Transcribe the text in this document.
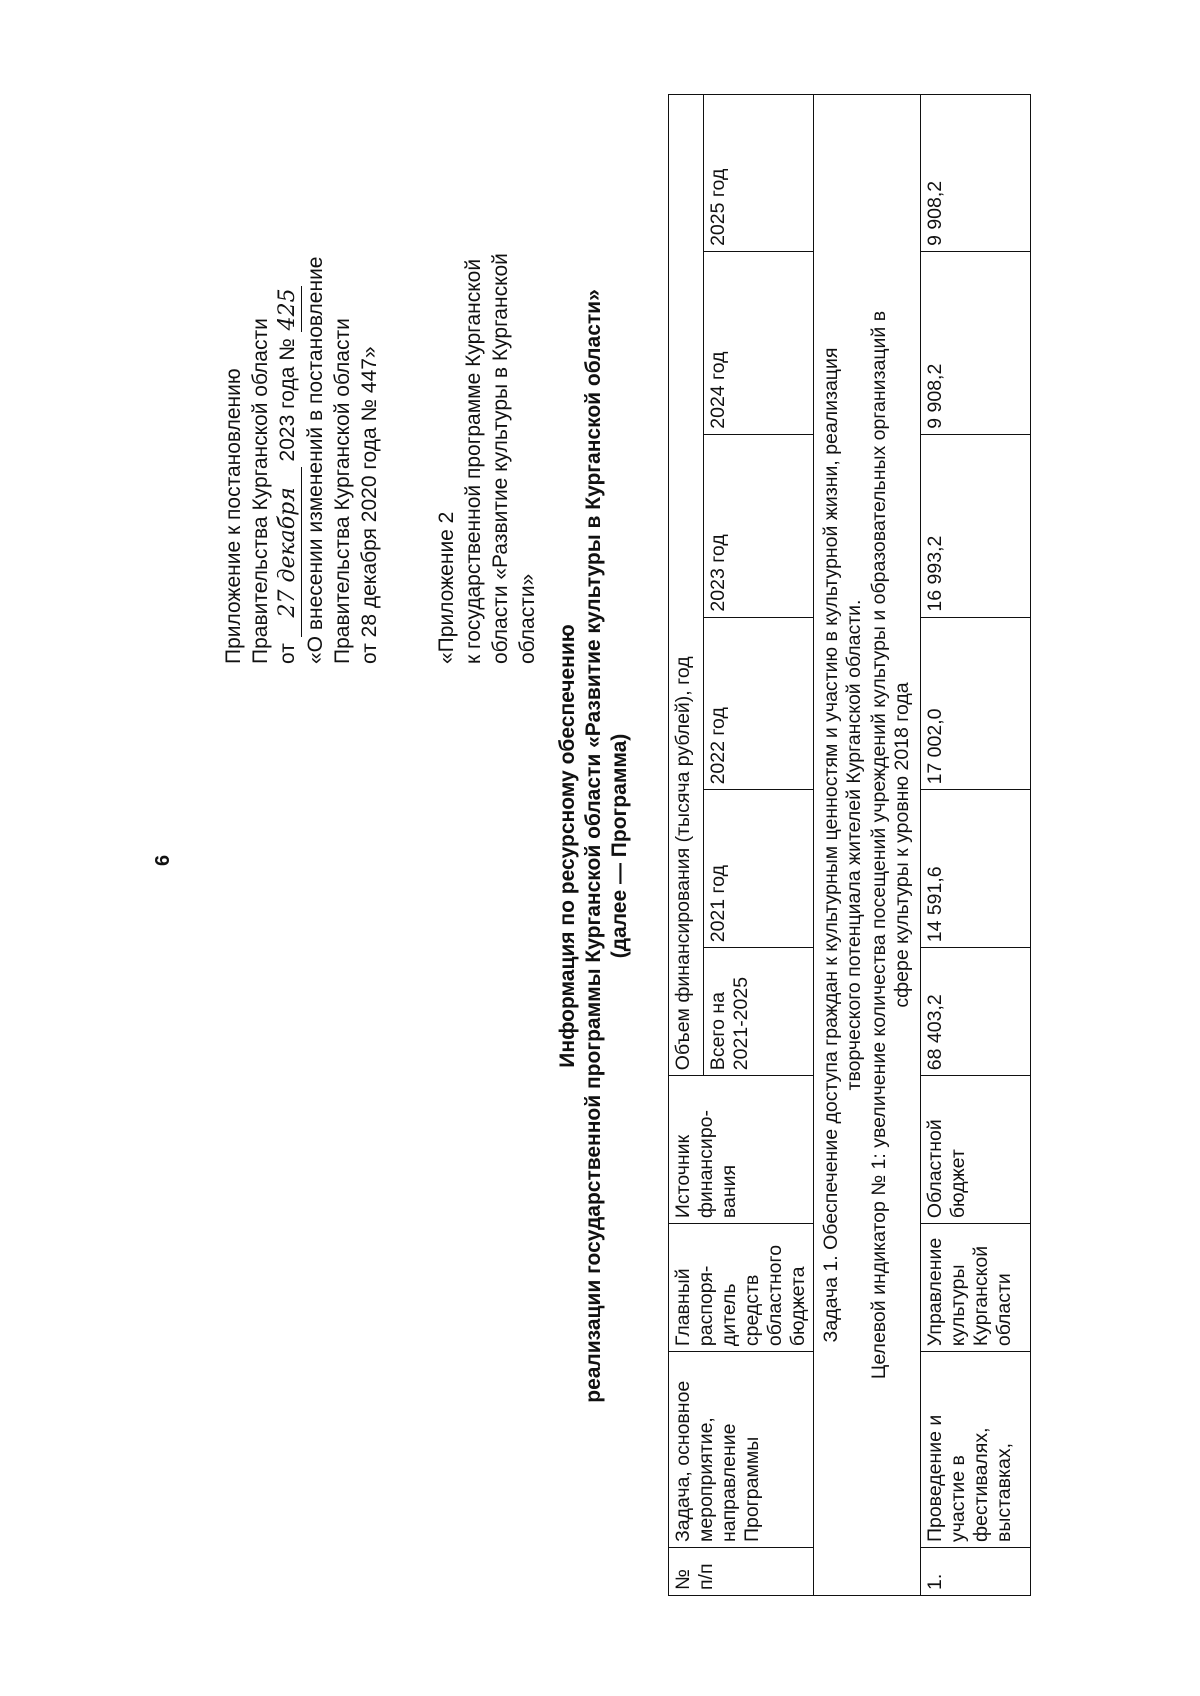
6
Приложение к постановлению Правительства Курганской области от 27 декабря 2023 года № 425 «О внесении изменений в постановление Правительства Курганской области от 28 декабря 2020 года № 447»	«Приложение 2 к государственной программе Курганской области «Развитие культуры в Курганской области»
Информация по ресурсному обеспечению реализации государственной программы Курганской области «Развитие культуры в Курганской области» (далее — Программа)
№ п/п	Задача, основное мероприятие, направление Программы	Главный распоря-дитель средств областного бюджета	Источник финансиро-вания	Объем финансирования (тысяча рублей), год					
				Всего на 2021-2025	2021 год	2022 год	2023 год	2024 год	2025 год

Задача 1. Обеспечение доступа граждан к культурным ценностям и участию в культурной жизни, реализация творческого потенциала жителей Курганской области.									

Целевой индикатор № 1: увеличение количества посещений учреждений культуры и образовательных организаций в сфере культуры к уровню 2018 года									

1.	Проведение и участие в фестивалях, выставках,	Управление культуры Курганской области	Областной бюджет	68 403,2	14 591,6	17 002,0	16 993,2	9 908,2	9 908,2
